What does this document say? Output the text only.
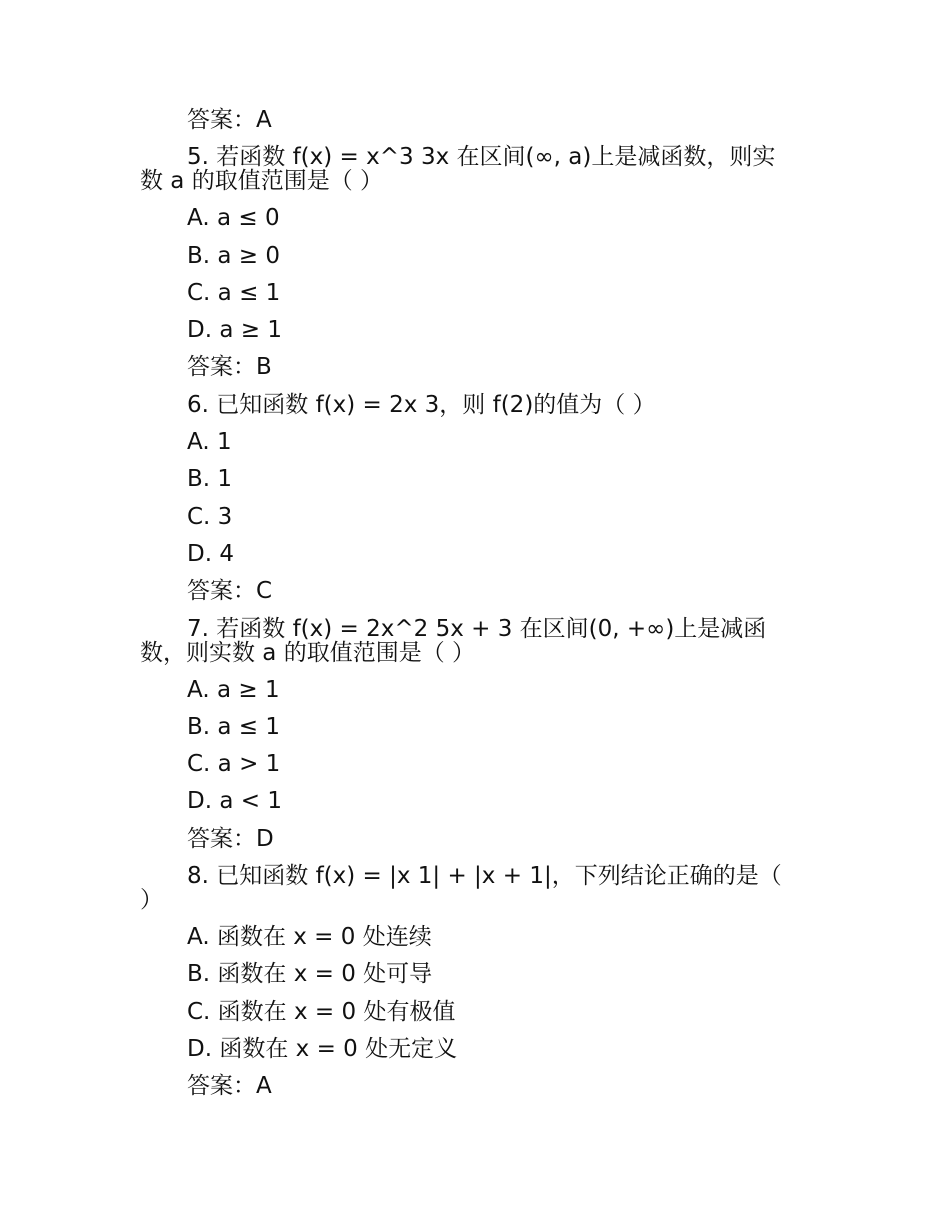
答案：A
5. 若函数 f(x) = x^3 3x 在区间(∞, a)上是减函数，则实
数 a 的取值范围是（ ）
A. a ≤ 0
B. a ≥ 0
C. a ≤ 1
D. a ≥ 1
答案：B
6. 已知函数 f(x) = 2x 3，则 f(2)的值为（ ）
A. 1
B. 1
C. 3
D. 4
答案：C
7. 若函数 f(x) = 2x^2 5x + 3 在区间(0, +∞)上是减函
数，则实数 a 的取值范围是（ ）
A. a ≥ 1
B. a ≤ 1
C. a > 1
D. a < 1
答案：D
8. 已知函数 f(x) = |x 1| + |x + 1|，下列结论正确的是（
）
A. 函数在 x = 0 处连续
B. 函数在 x = 0 处可导
C. 函数在 x = 0 处有极值
D. 函数在 x = 0 处无定义
答案：A
